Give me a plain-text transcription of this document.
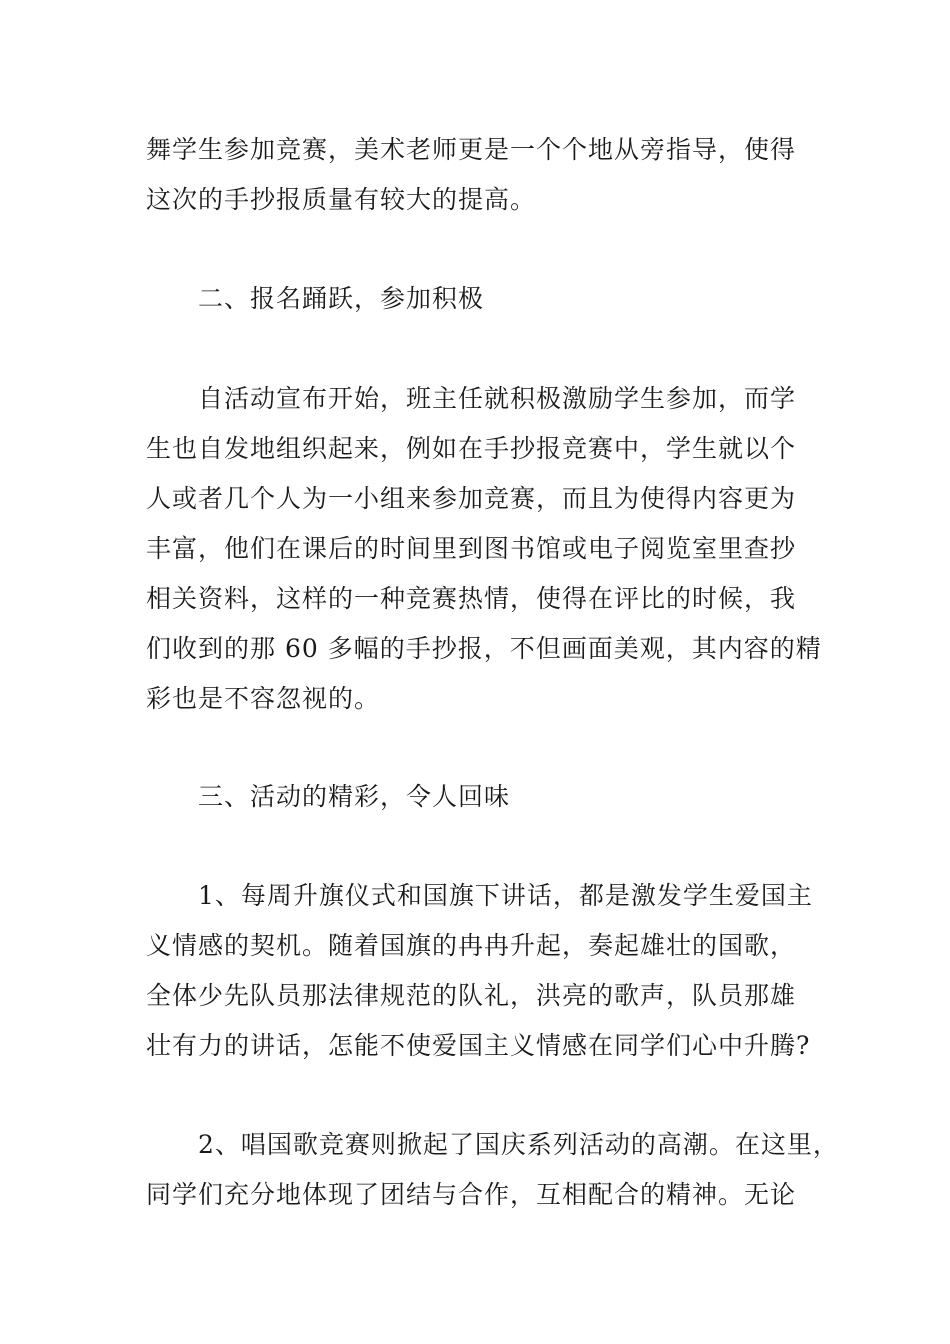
舞学生参加竞赛，美术老师更是一个个地从旁指导，使得
这次的手抄报质量有较大的提高。

二、报名踊跃，参加积极

自活动宣布开始，班主任就积极激励学生参加，而学
生也自发地组织起来，例如在手抄报竞赛中，学生就以个
人或者几个人为一小组来参加竞赛，而且为使得内容更为
丰富，他们在课后的时间里到图书馆或电子阅览室里查抄
相关资料，这样的一种竞赛热情，使得在评比的时候，我
们收到的那 60 多幅的手抄报，不但画面美观，其内容的精
彩也是不容忽视的。

三、活动的精彩，令人回味

1、每周升旗仪式和国旗下讲话，都是激发学生爱国主
义情感的契机。随着国旗的冉冉升起，奏起雄壮的国歌，
全体少先队员那法律规范的队礼，洪亮的歌声，队员那雄
壮有力的讲话，怎能不使爱国主义情感在同学们心中升腾?

2、唱国歌竞赛则掀起了国庆系列活动的高潮。在这里，
同学们充分地体现了团结与合作，互相配合的精神。无论
